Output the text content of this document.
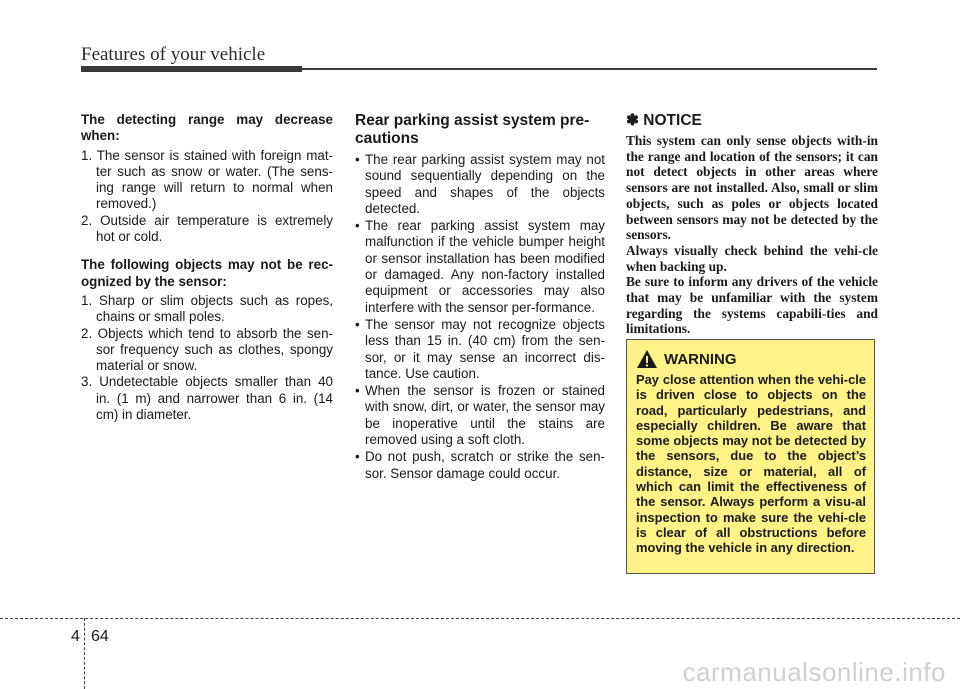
Features of your vehicle

The detecting range may decrease when:

1. The sensor is stained with foreign mat-ter such as snow or water. (The sens-ing range will return to normal when removed.)
2. Outside air temperature is extremely hot or cold.

The following objects may not be rec-ognized by the sensor:

1. Sharp or slim objects such as ropes, chains or small poles.
2. Objects which tend to absorb the sen-sor frequency such as clothes, spongy material or snow.
3. Undetectable objects smaller than 40 in. (1 m) and narrower than 6 in. (14 cm) in diameter.

Rear parking assist system pre-cautions

• The rear parking assist system may not sound sequentially depending on the speed and shapes of the objects detected.
• The rear parking assist system may malfunction if the vehicle bumper height or sensor installation has been modified or damaged. Any non-factory installed equipment or accessories may also interfere with the sensor per-formance.
• The sensor may not recognize objects less than 15 in. (40 cm) from the sen-sor, or it may sense an incorrect dis-tance. Use caution.
• When the sensor is frozen or stained with snow, dirt, or water, the sensor may be inoperative until the stains are removed using a soft cloth.
• Do not push, scratch or strike the sen-sor. Sensor damage could occur.

✽ NOTICE

This system can only sense objects with-in the range and location of the sensors; it can not detect objects in other areas where sensors are not installed. Also, small or slim objects, such as poles or objects located between sensors may not be detected by the sensors.

Always visually check behind the vehi-cle when backing up.

Be sure to inform any drivers of the vehicle that may be unfamiliar with the system regarding the systems capabili-ties and limitations.

WARNING

Pay close attention when the vehi-cle is driven close to objects on the road, particularly pedestrians, and especially children. Be aware that some objects may not be detected by the sensors, due to the object’s distance, size or material, all of which can limit the effectiveness of the sensor. Always perform a visu-al inspection to make sure the vehi-cle is clear of all obstructions before moving the vehicle in any direction.

4 64
carmanualsonline.info
